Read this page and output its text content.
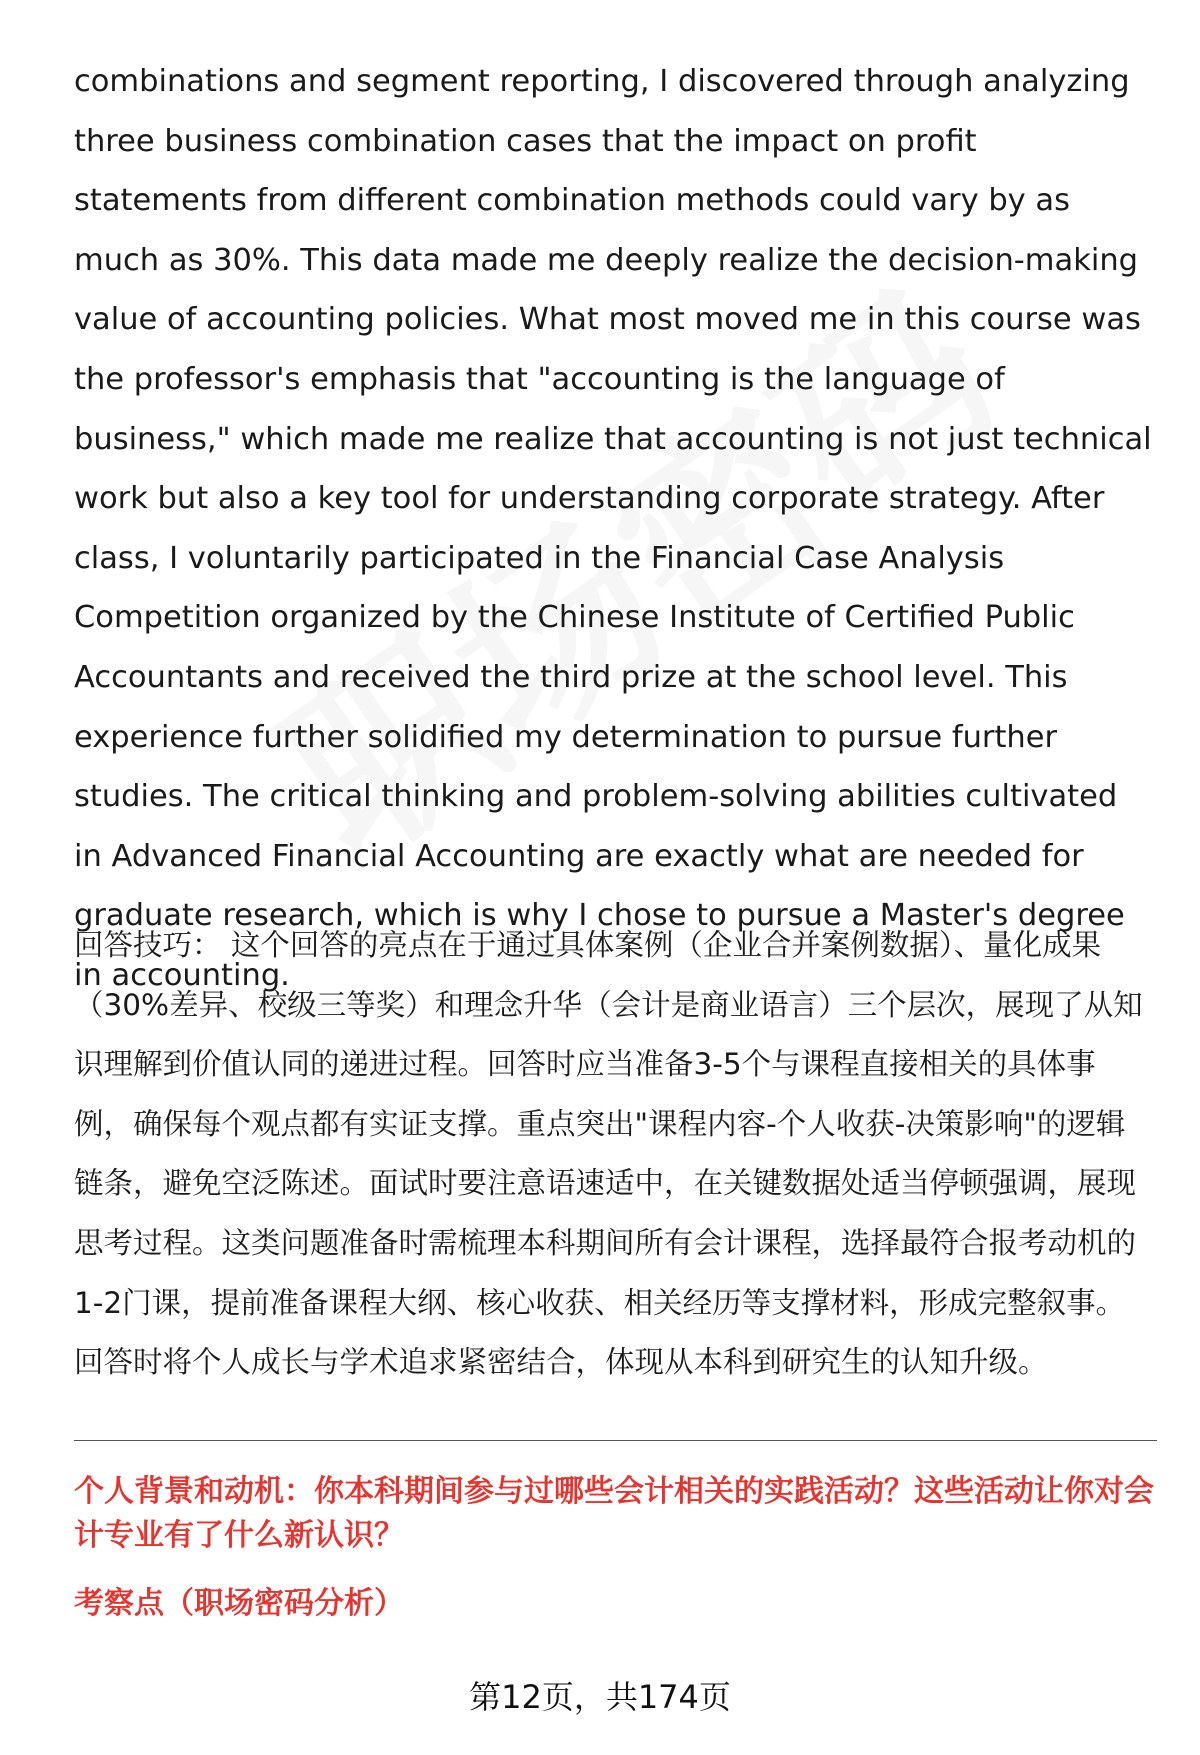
combinations and segment reporting, I discovered through analyzing three business combination cases that the impact on profit statements from different combination methods could vary by as much as 30%. This data made me deeply realize the decision-making value of accounting policies. What most moved me in this course was the professor's emphasis that "accounting is the language of business," which made me realize that accounting is not just technical work but also a key tool for understanding corporate strategy. After class, I voluntarily participated in the Financial Case Analysis Competition organized by the Chinese Institute of Certified Public Accountants and received the third prize at the school level. This experience further solidified my determination to pursue further studies. The critical thinking and problem-solving abilities cultivated in Advanced Financial Accounting are exactly what are needed for graduate research, which is why I chose to pursue a Master's degree in accounting.

回答技巧： 这个回答的亮点在于通过具体案例（企业合并案例数据）、量化成果（30%差异、校级三等奖）和理念升华（会计是商业语言）三个层次，展现了从知识理解到价值认同的递进过程。回答时应当准备3-5个与课程直接相关的具体事例，确保每个观点都有实证支撑。重点突出"课程内容-个人收获-决策影响"的逻辑链条，避免空泛陈述。面试时要注意语速适中，在关键数据处适当停顿强调，展现思考过程。这类问题准备时需梳理本科期间所有会计课程，选择最符合报考动机的1-2门课，提前准备课程大纲、核心收获、相关经历等支撑材料，形成完整叙事。回答时将个人成长与学术追求紧密结合，体现从本科到研究生的认知升级。

个人背景和动机：你本科期间参与过哪些会计相关的实践活动？这些活动让你对会计专业有了什么新认识？

考察点（职场密码分析）

第12页，共174页
